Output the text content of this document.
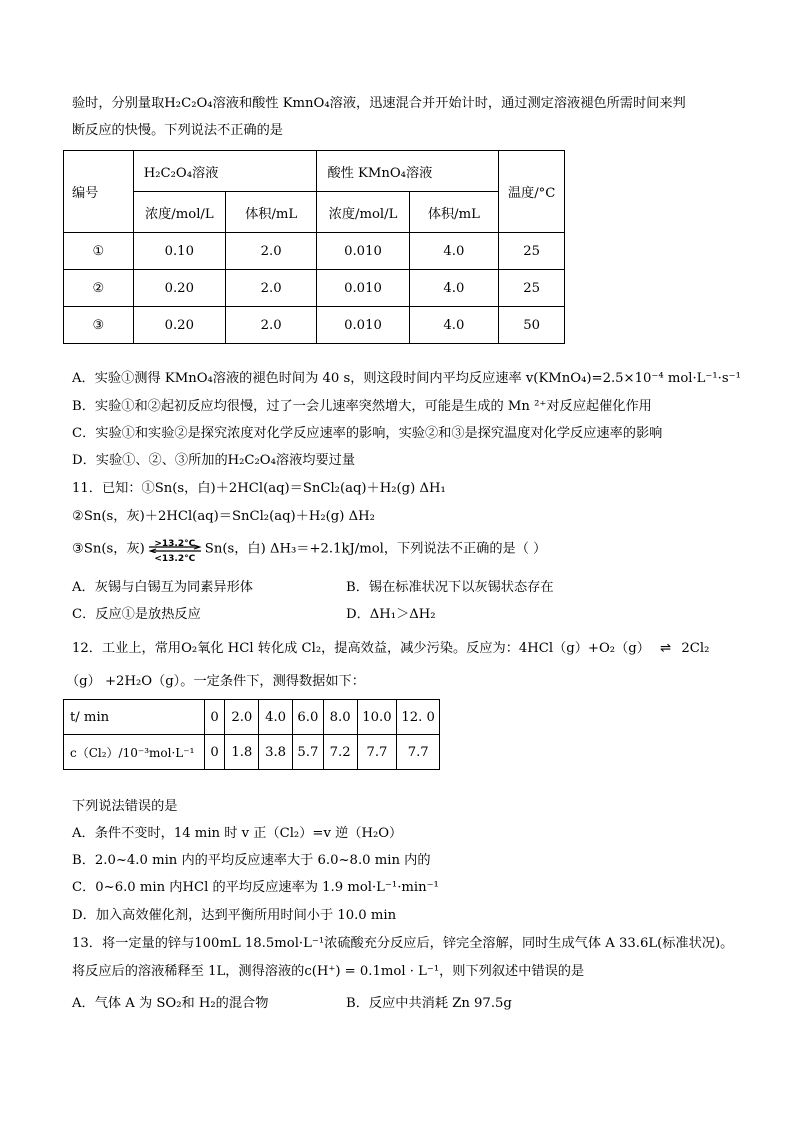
验时，分别量取H₂C₂O₄溶液和酸性 KmnO₄溶液，迅速混合并开始计时，通过测定溶液褪色所需时间来判
断反应的快慢。下列说法不正确的是
编号	H₂C₂O₄溶液		酸性 KMnO₄溶液		温度/°C
	浓度/mol/L	体积/mL	浓度/mol/L	体积/mL	
①	0.10	2.0	0.010	4.0	25
②	0.20	2.0	0.010	4.0	25
③	0.20	2.0	0.010	4.0	50
A．实验①测得 KMnO₄溶液的褪色时间为 40 s，则这段时间内平均反应速率 v(KMnO₄)=2.5×10⁻⁴ mol·L⁻¹·s⁻¹
B．实验①和②起初反应均很慢，过了一会儿速率突然增大，可能是生成的 Mn ²⁺对反应起催化作用
C．实验①和实验②是探究浓度对化学反应速率的影响，实验②和③是探究温度对化学反应速率的影响
D．实验①、②、③所加的H₂C₂O₄溶液均要过量
11．已知：①Sn(s，白)＋2HCl(aq)＝SnCl₂(aq)＋H₂(g) ΔH₁
②Sn(s，灰)＋2HCl(aq)＝SnCl₂(aq)＋H₂(g) ΔH₂
③Sn(s，灰)	>13.2°C
<13.2°C
Sn(s，白) ΔH₃＝+2.1kJ/mol，下列说法不正确的是（ ）
A．灰锡与白锡互为同素异形体	B．锡在标准状况下以灰锡状态存在
C．反应①是放热反应	D．ΔH₁＞ΔH₂
12．工业上，常用O₂氧化 HCl 转化成 Cl₂，提高效益，减少污染。反应为：4HCl（g）+O₂（g） ⇌ 2Cl₂
（g） +2H₂O（g）。一定条件下，测得数据如下：
t/ min	0	2.0	4.0	6.0	8.0	10.0	12. 0
c（Cl₂）/10⁻³mol·L⁻¹	0	1.8	3.8	5.7	7.2	7.7	7.7
下列说法错误的是
A．条件不变时，14 min 时 v 正（Cl₂）=v 逆（H₂O）
B．2.0~4.0 min 内的平均反应速率大于 6.0~8.0 min 内的
C．0~6.0 min 内HCl 的平均反应速率为 1.9 mol·L⁻¹·min⁻¹
D．加入高效催化剂，达到平衡所用时间小于 10.0 min
13．将一定量的锌与100mL 18.5mol·L⁻¹浓硫酸充分反应后，锌完全溶解，同时生成气体 A 33.6L(标准状况)。
将反应后的溶液稀释至 1L，测得溶液的c(H⁺) = 0.1mol · L⁻¹，则下列叙述中错误的是
A．气体 A 为 SO₂和 H₂的混合物	B．反应中共消耗 Zn 97.5g
